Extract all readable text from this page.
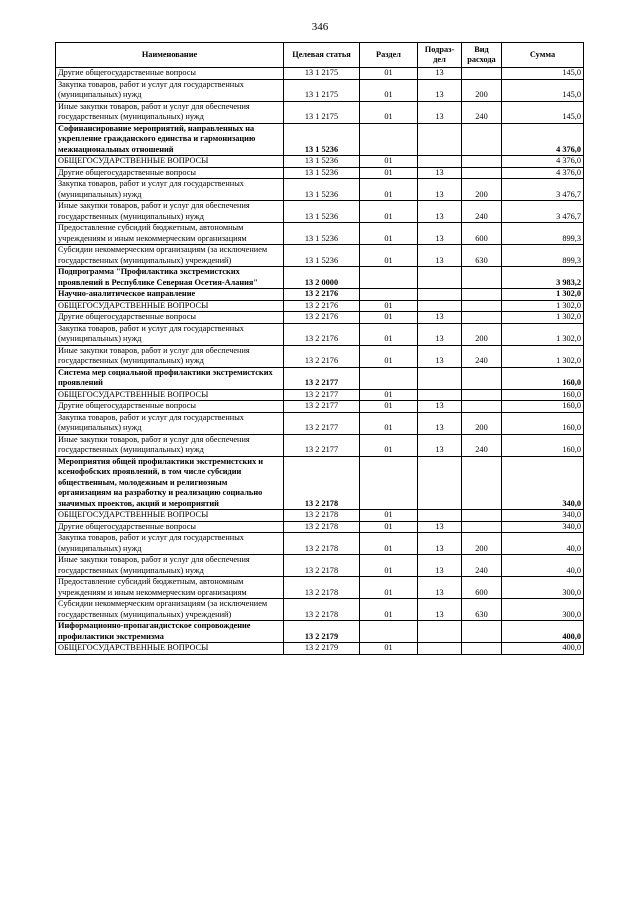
346
Наименование	Целевая статья	Раздел	Подраз- дел	Вид расхода	Сумма
Другие общегосударственные вопросы	13 1 2175	01	13		145,0
Закупка товаров, работ и услуг для государственных (муниципальных) нужд	13 1 2175	01	13	200	145,0
Иные закупки товаров, работ и услуг для обеспечения государственных (муниципальных) нужд	13 1 2175	01	13	240	145,0
Софинансирование мероприятий, направленных на укрепление гражданского единства и гармонизацию межнациональных отношений	13 1 5236				4 376,0
ОБЩЕГОСУДАРСТВЕННЫЕ ВОПРОСЫ	13 1 5236	01			4 376,0
Другие общегосударственные вопросы	13 1 5236	01	13		4 376,0
Закупка товаров, работ и услуг для государственных (муниципальных) нужд	13 1 5236	01	13	200	3 476,7
Иные закупки товаров, работ и услуг для обеспечения государственных (муниципальных) нужд	13 1 5236	01	13	240	3 476,7
Предоставление субсидий бюджетным, автономным учреждениям и иным некоммерческим организациям	13 1 5236	01	13	600	899,3
Субсидии некоммерческим организациям (за исключением государственных (муниципальных) учреждений)	13 1 5236	01	13	630	899,3
Подпрограмма "Профилактика экстремистских проявлений в Республике Северная Осетия-Алания"	13 2 0000				3 983,2
Научно-аналитическое направление	13 2 2176				1 302,0
ОБЩЕГОСУДАРСТВЕННЫЕ ВОПРОСЫ	13 2 2176	01			1 302,0
Другие общегосударственные вопросы	13 2 2176	01	13		1 302,0
Закупка товаров, работ и услуг для государственных (муниципальных) нужд	13 2 2176	01	13	200	1 302,0
Иные закупки товаров, работ и услуг для обеспечения государственных (муниципальных) нужд	13 2 2176	01	13	240	1 302,0
Система мер социальной профилактики экстремистских проявлений	13 2 2177				160,0
ОБЩЕГОСУДАРСТВЕННЫЕ ВОПРОСЫ	13 2 2177	01			160,0
Другие общегосударственные вопросы	13 2 2177	01	13		160,0
Закупка товаров, работ и услуг для государственных (муниципальных) нужд	13 2 2177	01	13	200	160,0
Иные закупки товаров, работ и услуг для обеспечения государственных (муниципальных) нужд	13 2 2177	01	13	240	160,0
Мероприятия общей профилактики экстремистских и ксенофобских проявлений, в том числе субсидии общественным, молодежным и религиозным организациям на разработку и реализацию социально значимых проектов, акций и мероприятий	13 2 2178				340,0
ОБЩЕГОСУДАРСТВЕННЫЕ ВОПРОСЫ	13 2 2178	01			340,0
Другие общегосударственные вопросы	13 2 2178	01	13		340,0
Закупка товаров, работ и услуг для государственных (муниципальных) нужд	13 2 2178	01	13	200	40,0
Иные закупки товаров, работ и услуг для обеспечения государственных (муниципальных) нужд	13 2 2178	01	13	240	40,0
Предоставление субсидий бюджетным, автономным учреждениям и иным некоммерческим организациям	13 2 2178	01	13	600	300,0
Субсидии некоммерческим организациям (за исключением государственных (муниципальных) учреждений)	13 2 2178	01	13	630	300,0
Информационно-пропагандистское сопровождение профилактики экстремизма	13 2 2179				400,0
ОБЩЕГОСУДАРСТВЕННЫЕ ВОПРОСЫ	13 2 2179	01			400,0
